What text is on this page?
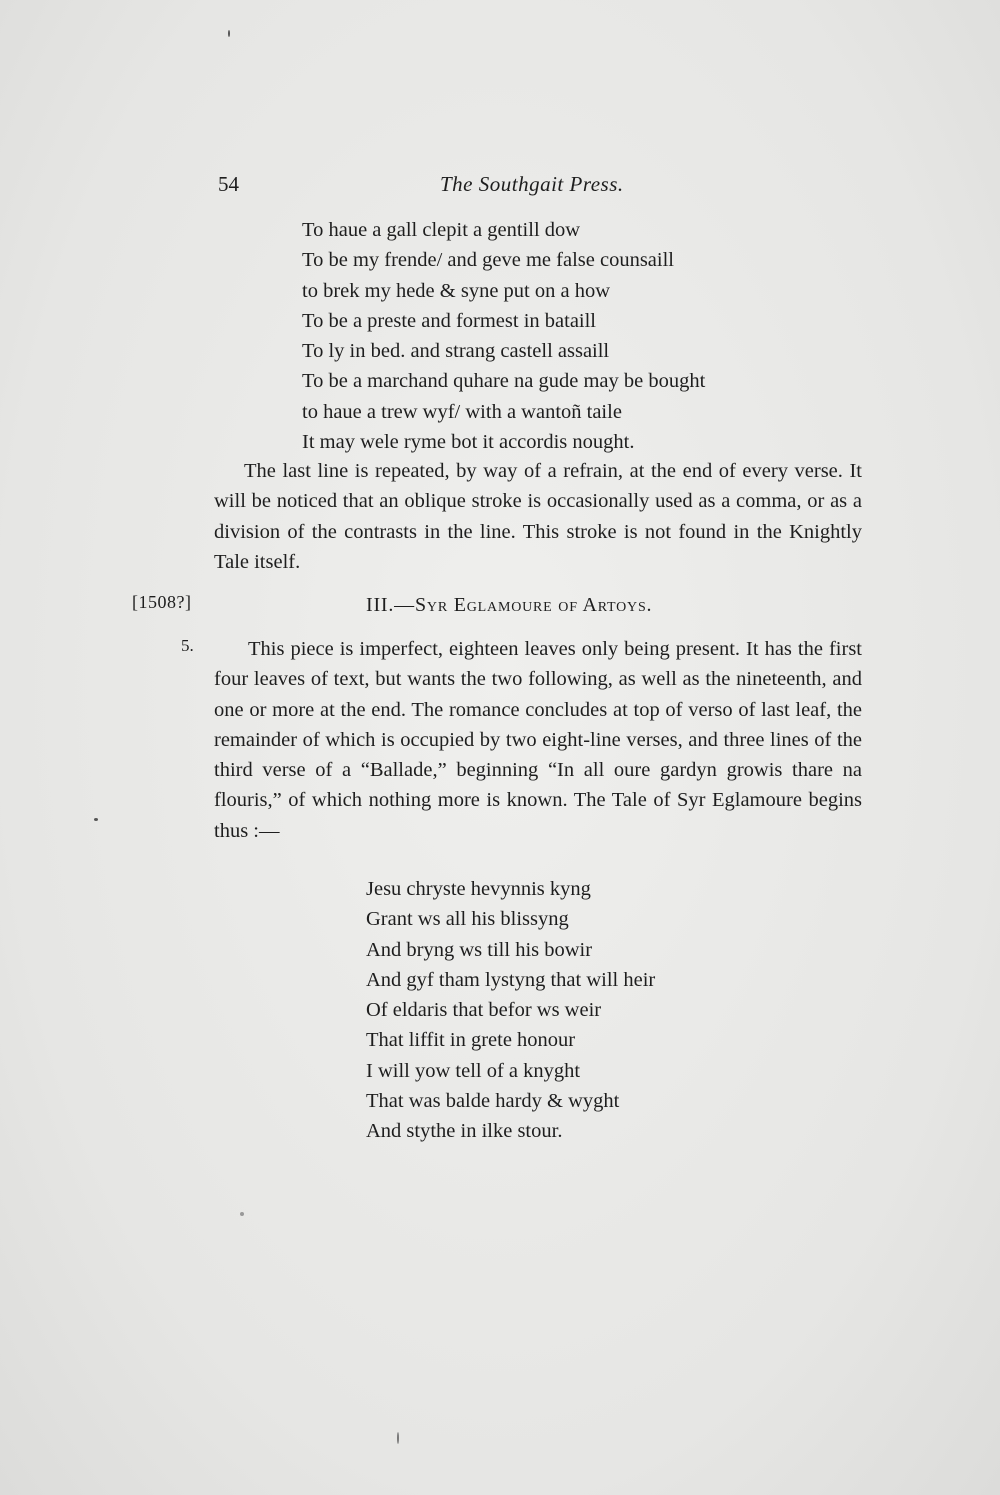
54	The Southgait Press.
To haue a gall clepit a gentill dow
To be my frende/ and geve me false counsaill
to brek my hede & syne put on a how
To be a preste and formest in bataill
To ly in bed. and strang castell assaill
To be a marchand quhare na gude may be bought
to haue a trew wyf/ with a wantoñ taile
It may wele ryme bot it accordis nought.

The last line is repeated, by way of a refrain, at the end of every verse. It will be noticed that an oblique stroke is occasionally used as a comma, or as a division of the contrasts in the line. This stroke is not found in the Knightly Tale itself.

[1508?]
5.
III.—Syr Eglamoure of Artoys.

This piece is imperfect, eighteen leaves only being present. It has the first four leaves of text, but wants the two following, as well as the nineteenth, and one or more at the end. The romance concludes at top of verso of last leaf, the remainder of which is occupied by two eight-line verses, and three lines of the third verse of a “Ballade,” beginning “In all oure gardyn growis thare na flouris,” of which nothing more is known. The Tale of Syr Eglamoure begins thus :—

Jesu chryste hevynnis kyng
Grant ws all his blissyng
And bryng ws till his bowir
And gyf tham lystyng that will heir
Of eldaris that befor ws weir
That liffit in grete honour
I will yow tell of a knyght
That was balde hardy & wyght
And stythe in ilke stour.
